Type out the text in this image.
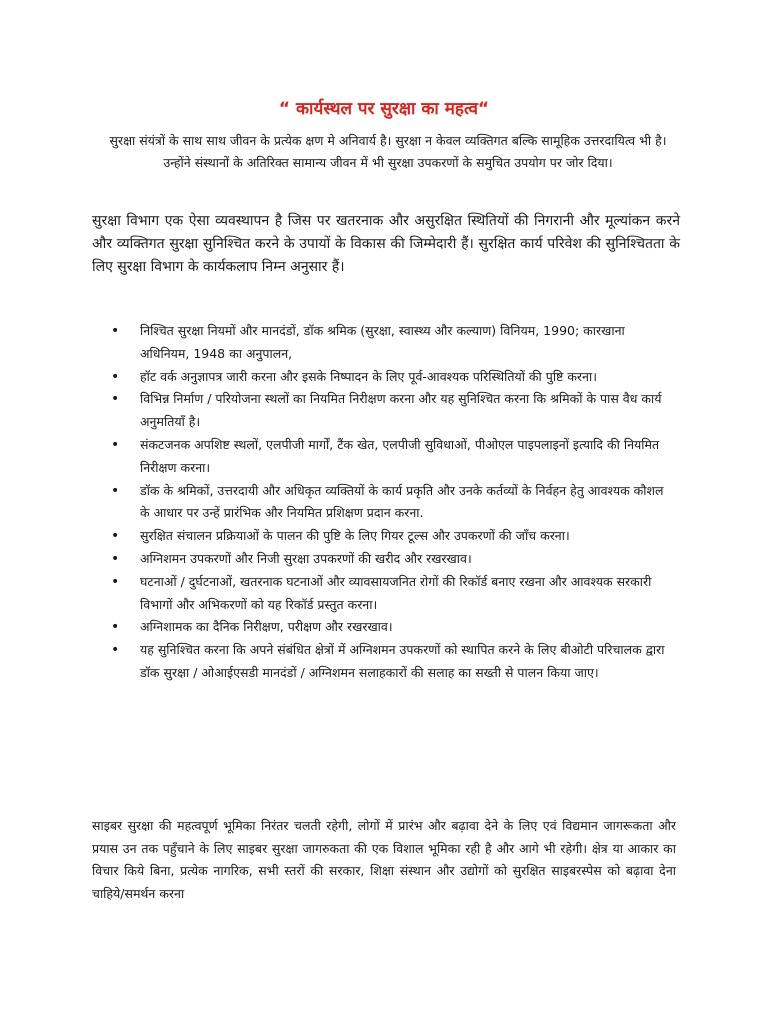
“ कार्यस्थल पर सुरक्षा का महत्व“

सुरक्षा संयंत्रों के साथ साथ जीवन के प्रत्येक क्षण मे अनिवार्य है। सुरक्षा न केवल व्यक्तिगत बल्कि सामूहिक उत्तरदायित्व भी है। उन्होंने संस्थानों के अतिरिक्त सामान्य जीवन में भी सुरक्षा उपकरणों के समुचित उपयोग पर जोर दिया।

सुरक्षा विभाग एक ऐसा व्यवस्थापन है जिस पर खतरनाक और असुरक्षित स्थितियों की निगरानी और मूल्यांकन करने और व्यक्तिगत सुरक्षा सुनिश्चित करने के उपायों के विकास की जिम्मेदारी हैं। सुरक्षित कार्य परिवेश की सुनिश्चितता के लिए सुरक्षा विभाग के कार्यकलाप निम्न अनुसार हैं।

• निश्चित सुरक्षा नियमों और मानदंडों, डॉक श्रमिक (सुरक्षा, स्वास्थ्य और कल्याण) विनियम, 1990; कारखाना अधिनियम, 1948 का अनुपालन,
• हॉट वर्क अनुज्ञापत्र जारी करना और इसके निष्पादन के लिए पूर्व-आवश्यक परिस्थितियों की पुष्टि करना।
• विभिन्न निर्माण / परियोजना स्थलों का नियमित निरीक्षण करना और यह सुनिश्चित करना कि श्रमिकों के पास वैध कार्य अनुमतियाँ है।
• संकटजनक अपशिष्ट स्थलों, एलपीजी मार्गों, टैंक खेत, एलपीजी सुविधाओं, पीओएल पाइपलाइनों इत्यादि की नियमित निरीक्षण करना।
• डॉक के श्रमिकों, उत्तरदायी और अधिकृत व्यक्तियों के कार्य प्रकृति और उनके कर्तव्यों के निर्वहन हेतु आवश्यक कौशल के आधार पर उन्हें प्रारंभिक और नियमित प्रशिक्षण प्रदान करना.
• सुरक्षित संचालन प्रक्रियाओं के पालन की पुष्टि के लिए गियर टूल्स और उपकरणों की जाँच करना।
• अग्निशमन उपकरणों और निजी सुरक्षा उपकरणों की खरीद और रखरखाव।
• घटनाओं / दुर्घटनाओं, खतरनाक घटनाओं और व्यावसायजनित रोगों की रिकॉर्ड बनाए रखना और आवश्यक सरकारी विभागों और अभिकरणों को यह रिकॉर्ड प्रस्तुत करना।
• अग्निशामक का दैनिक निरीक्षण, परीक्षण और रखरखाव।
• यह सुनिश्चित करना कि अपने संबंधित क्षेत्रों में अग्निशमन उपकरणों को स्थापित करने के लिए बीओटी परिचालक द्वारा डॉक सुरक्षा / ओआईएसडी मानदंडों / अग्निशमन सलाहकारों की सलाह का सख्ती से पालन किया जाए।

साइबर सुरक्षा की महत्वपूर्ण भूमिका निरंतर चलती रहेगी, लोगों में प्रारंभ और बढ़ावा देने के लिए एवं विद्यमान जागरूकता और प्रयास उन तक पहुँचाने के लिए साइबर सुरक्षा जागरुकता की एक विशाल भूमिका रही है और आगे भी रहेगी। क्षेत्र या आकार का विचार किये बिना, प्रत्येक नागरिक, सभी स्तरों की सरकार, शिक्षा संस्थान और उद्योगों को सुरक्षित साइबरस्पेस को बढ़ावा देना चाहिये/समर्थन करना
